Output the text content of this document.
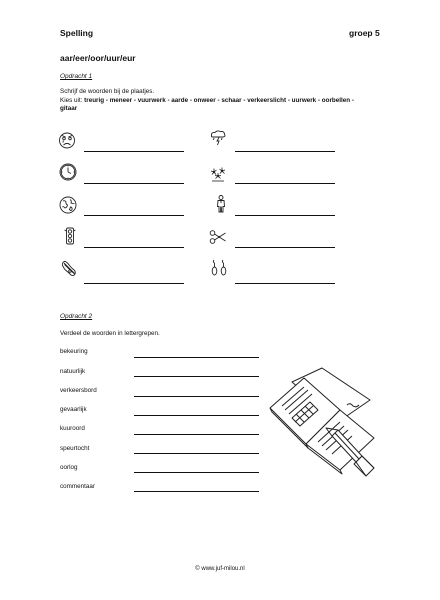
Spelling	groep 5
aar/eer/oor/uur/eur
Opdracht 1
Schrijf de woorden bij de plaatjes.
Kies uit: treurig - meneer - vuurwerk - aarde - onweer - schaar - verkeerslicht - uurwerk - oorbellen -
gitaar
Opdracht 2
Verdeel de woorden in lettergrepen.
bekeuring
natuurlijk
verkeersbord
gevaarlijk
kuuroord
speurtocht
oorlog
commentaar
© www.juf-milou.nl
